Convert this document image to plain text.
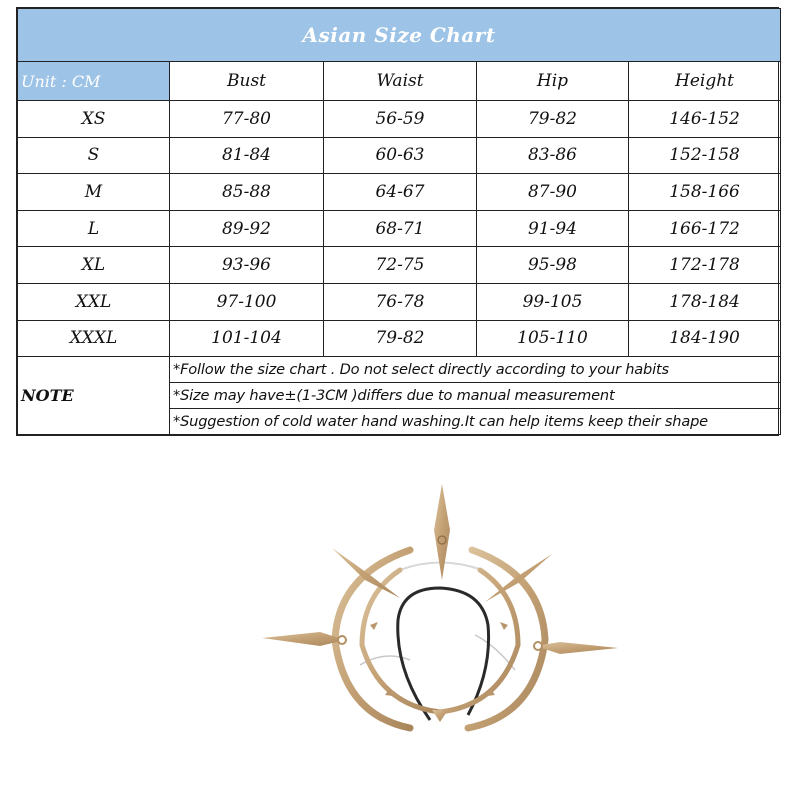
Asian Size Chart				
Unit : CM	Bust	Waist	Hip	Height
XS	77-80	56-59	79-82	146-152
S	81-84	60-63	83-86	152-158
M	85-88	64-67	87-90	158-166
L	89-92	68-71	91-94	166-172
XL	93-96	72-75	95-98	172-178
XXL	97-100	76-78	99-105	178-184
XXXL	101-104	79-82	105-110	184-190
NOTE	*Follow the size chart . Do not select directly according to your habits			
	*Size may have±(1-3CM )differs due to manual measurement			
	*Suggestion of cold water hand washing.It can help items keep their shape			
